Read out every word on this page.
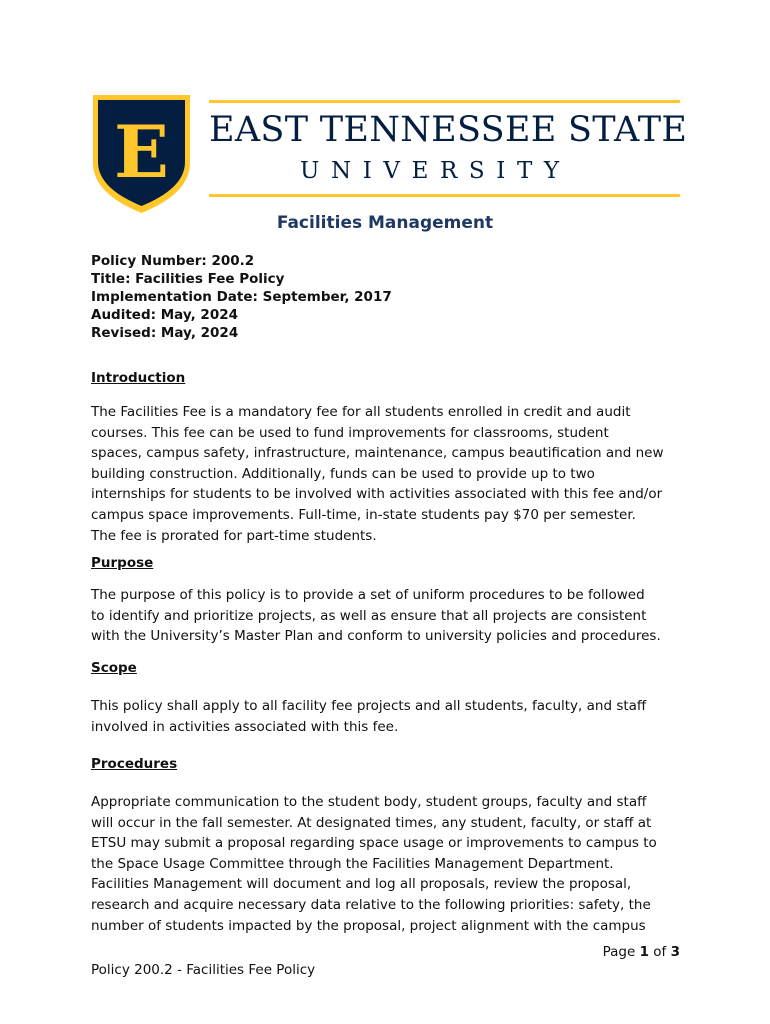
E EAST TENNESSEE STATE
UNIVERSITY
Facilities Management
Policy Number: 200.2
Title: Facilities Fee Policy
Implementation Date: September, 2017
Audited: May, 2024
Revised: May, 2024
Introduction

The Facilities Fee is a mandatory fee for all students enrolled in credit and audit
courses. This fee can be used to fund improvements for classrooms, student
spaces, campus safety, infrastructure, maintenance, campus beautification and new
building construction. Additionally, funds can be used to provide up to two
internships for students to be involved with activities associated with this fee and/or
campus space improvements. Full-time, in-state students pay $70 per semester.
The fee is prorated for part-time students.

Purpose

The purpose of this policy is to provide a set of uniform procedures to be followed
to identify and prioritize projects, as well as ensure that all projects are consistent
with the University’s Master Plan and conform to university policies and procedures.

Scope

This policy shall apply to all facility fee projects and all students, faculty, and staff
involved in activities associated with this fee.

Procedures

Appropriate communication to the student body, student groups, faculty and staff
will occur in the fall semester. At designated times, any student, faculty, or staff at
ETSU may submit a proposal regarding space usage or improvements to campus to
the Space Usage Committee through the Facilities Management Department.
Facilities Management will document and log all proposals, review the proposal,
research and acquire necessary data relative to the following priorities: safety, the
number of students impacted by the proposal, project alignment with the campus

Page 1 of 3
Policy 200.2 - Facilities Fee Policy
